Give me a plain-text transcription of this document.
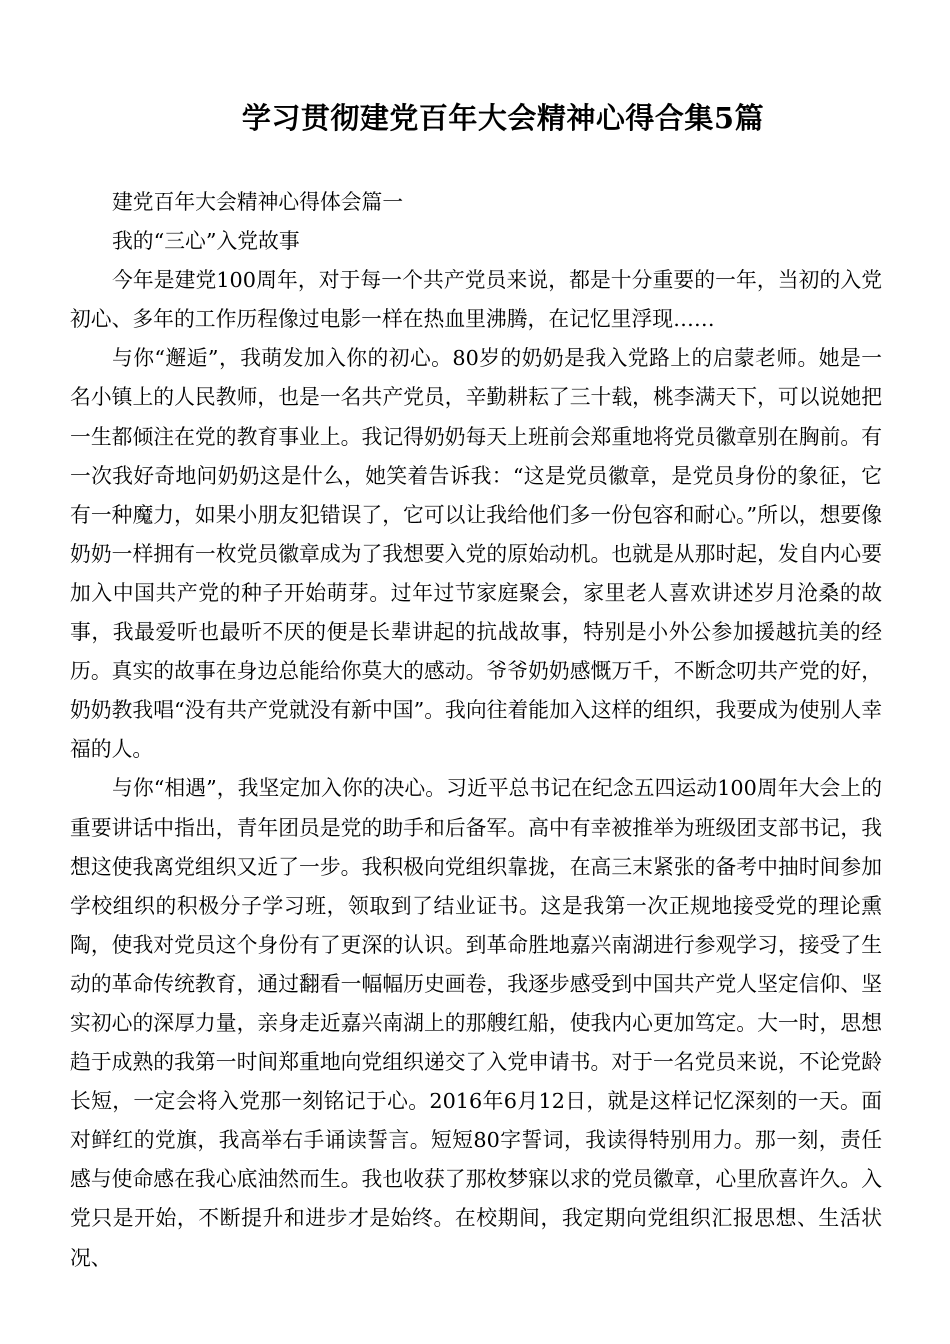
学习贯彻建党百年大会精神心得合集5篇

建党百年大会精神心得体会篇一

我的“三心”入党故事

今年是建党100周年，对于每一个共产党员来说，都是十分重要的一年，当初的入党初心、多年的工作历程像过电影一样在热血里沸腾，在记忆里浮现……

与你“邂逅”，我萌发加入你的初心。80岁的奶奶是我入党路上的启蒙老师。她是一名小镇上的人民教师，也是一名共产党员，辛勤耕耘了三十载，桃李满天下，可以说她把一生都倾注在党的教育事业上。我记得奶奶每天上班前会郑重地将党员徽章别在胸前。有一次我好奇地问奶奶这是什么，她笑着告诉我：“这是党员徽章，是党员身份的象征，它有一种魔力，如果小朋友犯错误了，它可以让我给他们多一份包容和耐心。”所以，想要像奶奶一样拥有一枚党员徽章成为了我想要入党的原始动机。也就是从那时起，发自内心要加入中国共产党的种子开始萌芽。过年过节家庭聚会，家里老人喜欢讲述岁月沧桑的故事，我最爱听也最听不厌的便是长辈讲起的抗战故事，特别是小外公参加援越抗美的经历。真实的故事在身边总能给你莫大的感动。爷爷奶奶感慨万千，不断念叨共产党的好，奶奶教我唱“没有共产党就没有新中国”。我向往着能加入这样的组织，我要成为使别人幸福的人。

与你“相遇”，我坚定加入你的决心。习近平总书记在纪念五四运动100周年大会上的重要讲话中指出，青年团员是党的助手和后备军。高中有幸被推举为班级团支部书记，我想这使我离党组织又近了一步。我积极向党组织靠拢，在高三末紧张的备考中抽时间参加学校组织的积极分子学习班，领取到了结业证书。这是我第一次正规地接受党的理论熏陶，使我对党员这个身份有了更深的认识。到革命胜地嘉兴南湖进行参观学习，接受了生动的革命传统教育，通过翻看一幅幅历史画卷，我逐步感受到中国共产党人坚定信仰、坚实初心的深厚力量，亲身走近嘉兴南湖上的那艘红船，使我内心更加笃定。大一时，思想趋于成熟的我第一时间郑重地向党组织递交了入党申请书。对于一名党员来说，不论党龄长短，一定会将入党那一刻铭记于心。2016年6月12日，就是这样记忆深刻的一天。面对鲜红的党旗，我高举右手诵读誓言。短短80字誓词，我读得特别用力。那一刻，责任感与使命感在我心底油然而生。我也收获了那枚梦寐以求的党员徽章，心里欣喜许久。入党只是开始，不断提升和进步才是始终。在校期间，我定期向党组织汇报思想、生活状况、
